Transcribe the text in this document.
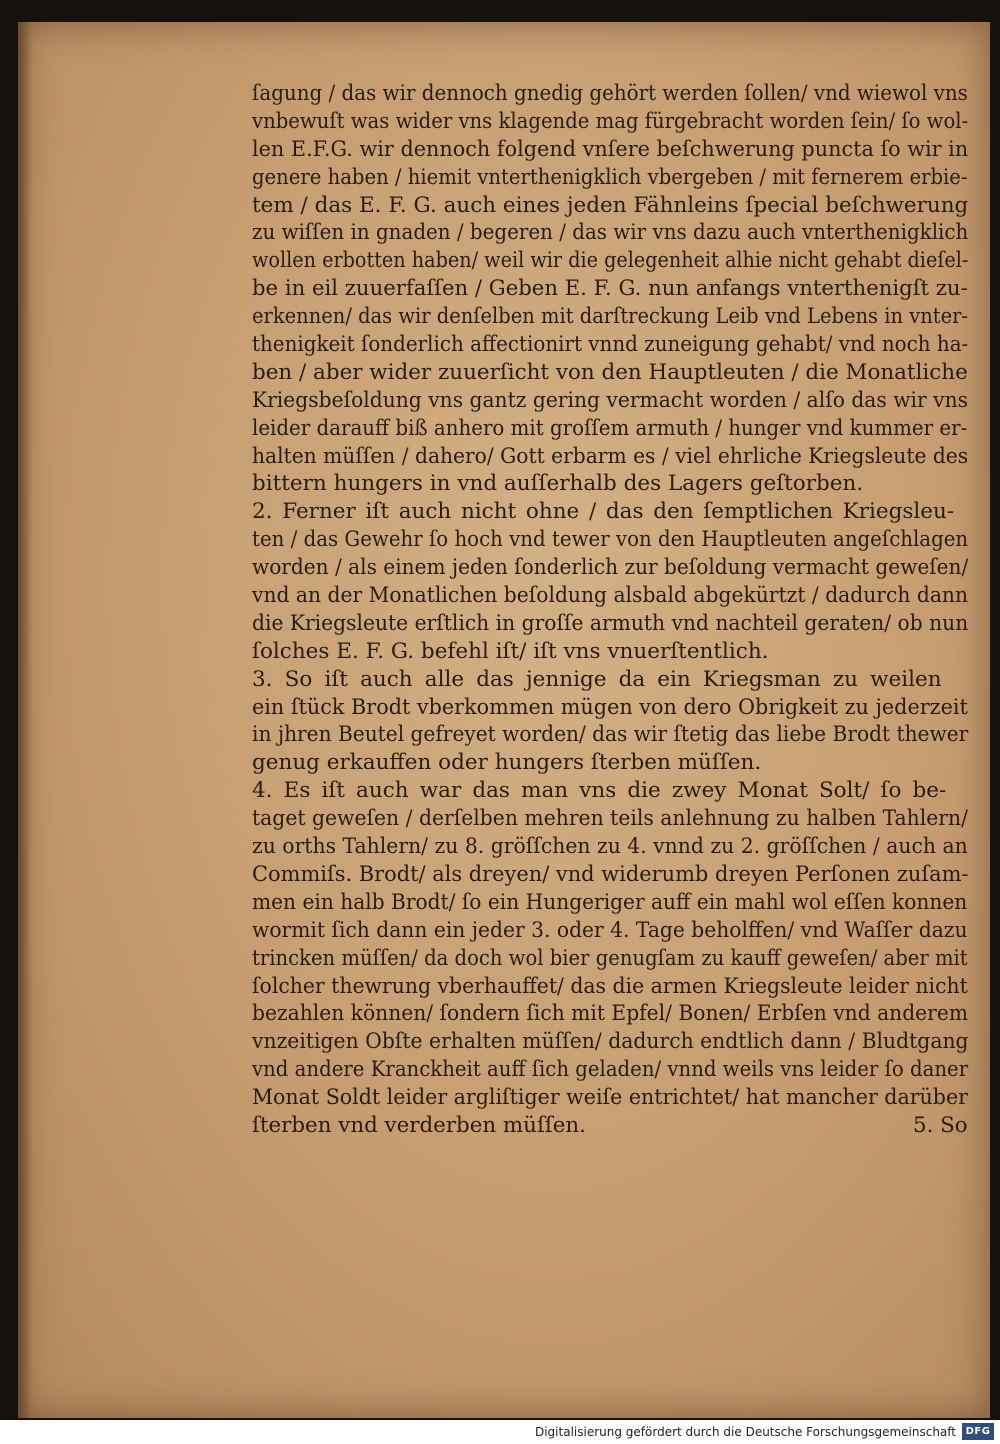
ſagung / das wir dennoch gnedig gehört werden ſollen/ vnd wiewol vns
vnbewuſt was wider vns klagende mag fürgebracht worden ſein/ ſo wol-
len E.F.G. wir dennoch folgend vnſere beſchwerung puncta ſo wir in
genere haben / hiemit vnterthenigklich vbergeben / mit fernerem erbie-
tem / das E. F. G. auch eines jeden Fähnleins ſpecial beſchwerung
zu wiſſen in gnaden / begeren / das wir vns dazu auch vnterthenigklich
wollen erbotten haben/ weil wir die gelegenheit alhie nicht gehabt dieſel-
be in eil zuuerfaſſen / Geben E. F. G. nun anfangs vnterthenigſt zu-
erkennen/ das wir denſelben mit darſtreckung Leib vnd Lebens in vnter-
thenigkeit ſonderlich affectionirt vnnd zuneigung gehabt/ vnd noch ha-
ben / aber wider zuuerſicht von den Hauptleuten / die Monatliche
Kriegsbeſoldung vns gantz gering vermacht worden / alſo das wir vns
leider darauff biß anhero mit groſſem armuth / hunger vnd kummer er-
halten müſſen / dahero/ Gott erbarm es / viel ehrliche Kriegsleute des
bittern hungers in vnd auſſerhalb des Lagers geſtorben.
2. Ferner iſt auch nicht ohne / das den ſemptlichen Kriegsleu-
ten / das Gewehr ſo hoch vnd tewer von den Hauptleuten angeſchlagen
worden / als einem jeden ſonderlich zur beſoldung vermacht geweſen/
vnd an der Monatlichen beſoldung alsbald abgekürtzt / dadurch dann
die Kriegsleute erſtlich in groſſe armuth vnd nachteil geraten/ ob nun
ſolches E. F. G. befehl iſt/ iſt vns vnuerſtentlich.
3. So iſt auch alle das jennige da ein Kriegsman zu weilen
ein ſtück Brodt vberkommen mügen von dero Obrigkeit zu jederzeit
in jhren Beutel gefreyet worden/ das wir ſtetig das liebe Brodt thewer
genug erkauffen oder hungers ſterben müſſen.
4. Es iſt auch war das man vns die zwey Monat Solt/ ſo be-
taget geweſen / derſelben mehren teils anlehnung zu halben Tahlern/
zu orths Tahlern/ zu 8. gröſſchen zu 4. vnnd zu 2. gröſſchen / auch an
Commiſs. Brodt/ als dreyen/ vnd widerumb dreyen Perſonen zuſam-
men ein halb Brodt/ ſo ein Hungeriger auff ein mahl wol eſſen konnen
wormit ſich dann ein jeder 3. oder 4. Tage beholffen/ vnd Waſſer dazu
trincken müſſen/ da doch wol bier genugſam zu kauff geweſen/ aber mit
ſolcher thewrung vberhauffet/ das die armen Kriegsleute leider nicht
bezahlen können/ ſondern ſich mit Epfel/ Bonen/ Erbſen vnd anderem
vnzeitigen Obſte erhalten müſſen/ dadurch endtlich dann / Bludtgang
vnd andere Kranckheit auff ſich geladen/ vnnd weils vns leider ſo daner
Monat Soldt leider argliſtiger weiſe entrichtet/ hat mancher darüber
ſterben vnd verderben müſſen.	5. So
Digitalisierung gefördert durch die Deutsche Forschungsgemeinschaft DFG
